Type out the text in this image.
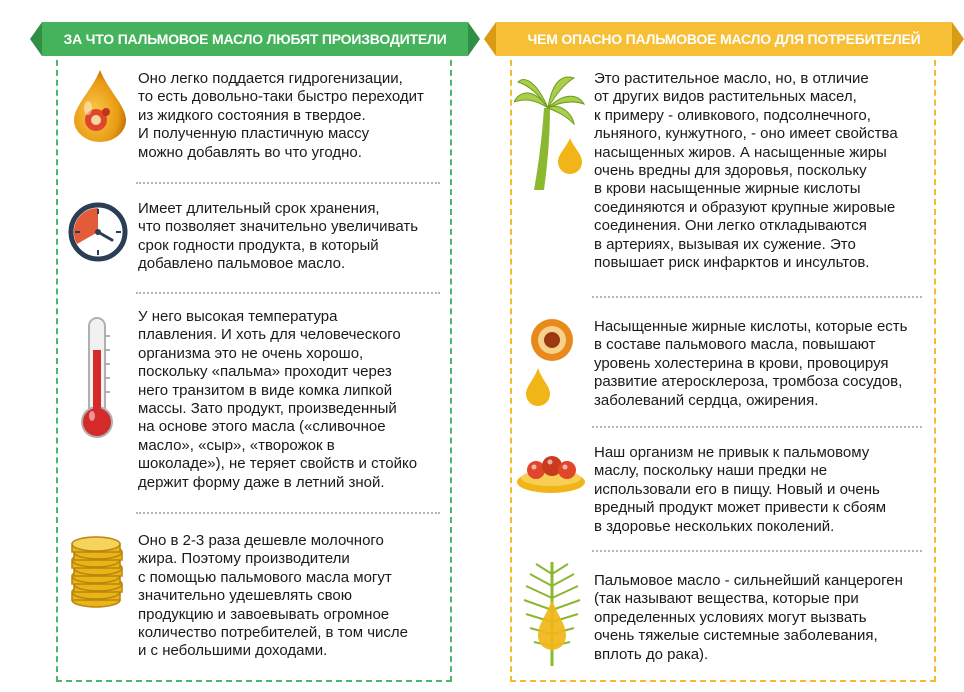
ЗА ЧТО ПАЛЬМОВОЕ МАСЛО ЛЮБЯТ ПРОИЗВОДИТЕЛИ	ЧЕМ ОПАСНО ПАЛЬМОВОЕ МАСЛО ДЛЯ ПОТРЕБИТЕЛЕЙ
Оно легко поддается гидрогенизации,
то есть довольно-таки быстро переходит
из жидкого состояния в твердое.
И полученную пластичную массу
можно добавлять во что угодно.
Имеет длительный срок хранения,
что позволяет значительно увеличивать
срок годности продукта, в который
добавлено пальмовое масло.
У него высокая температура
плавления. И хоть для человеческого
организма это не очень хорошо,
поскольку «пальма» проходит через
него транзитом в виде комка липкой
массы. Зато продукт, произведенный
на основе этого масла («сливочное
масло», «сыр», «творожок в
шоколаде»), не теряет свойств и стойко
держит форму даже в летний зной.
Оно в 2-3 раза дешевле молочного
жира. Поэтому производители
с помощью пальмового масла могут
значительно удешевлять свою
продукцию и завоевывать огромное
количество потребителей, в том числе
и с небольшими доходами.
Это растительное масло, но, в отличие
от других видов растительных масел,
к примеру - оливкового, подсолнечного,
льняного, кунжутного, - оно имеет свойства
насыщенных жиров. А насыщенные жиры
очень вредны для здоровья, поскольку
в крови насыщенные жирные кислоты
соединяются и образуют крупные жировые
соединения. Они легко откладываются
в артериях, вызывая их сужение. Это
повышает риск инфарктов и инсультов.
Насыщенные жирные кислоты, которые есть
в составе пальмового масла, повышают
уровень холестерина в крови, провоцируя
развитие атеросклероза, тромбоза сосудов,
заболеваний сердца, ожирения.
Наш организм не привык к пальмовому
маслу, поскольку наши предки не
использовали его в пищу. Новый и очень
вредный продукт может привести к сбоям
в здоровье нескольких поколений.
Пальмовое масло - сильнейший канцероген
(так называют вещества, которые при
определенных условиях могут вызвать
очень тяжелые системные заболевания,
вплоть до рака).
